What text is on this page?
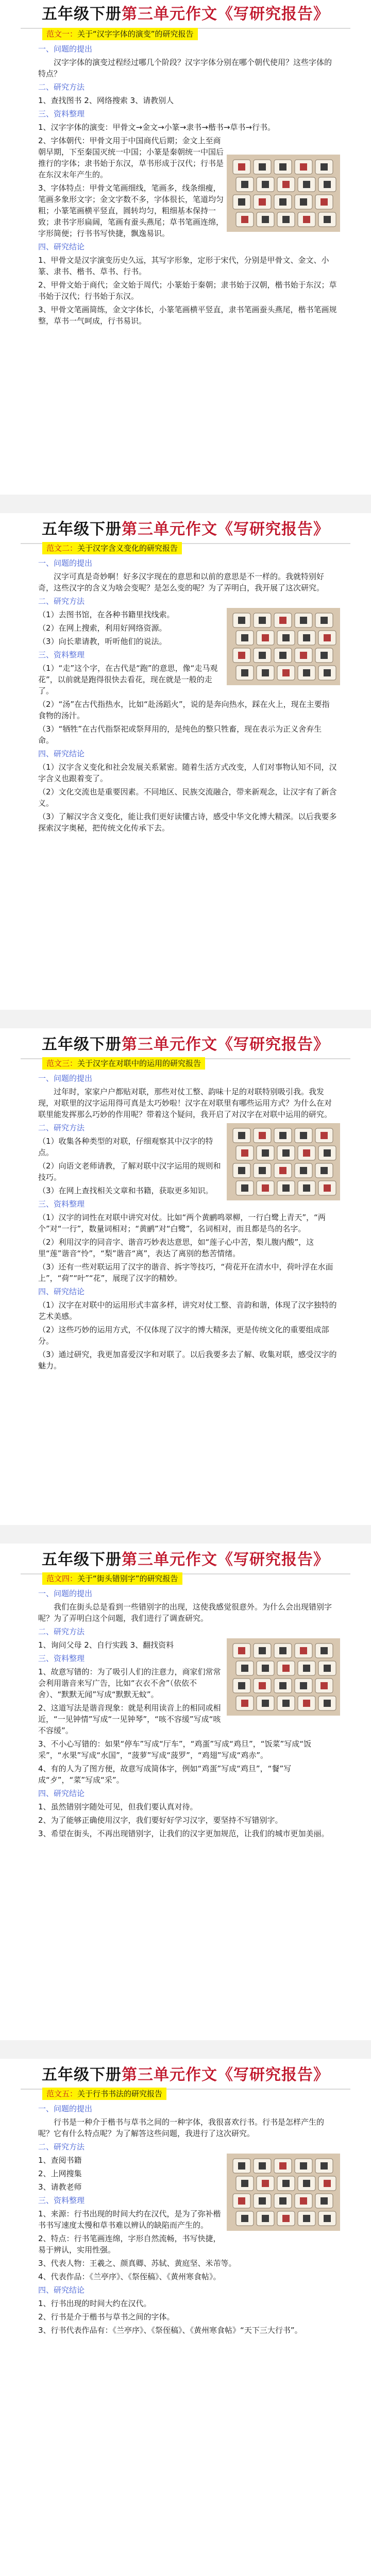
五年级下册第三单元作文《写研究报告》
范文一：关于“汉字字体的演变”的研究报告

一、问题的提出

汉字字体的演变过程经过哪几个阶段？汉字字体分别在哪个朝代使用？这些字体的特点？

二、研究方法

1、查找图书 2、网络搜索 3、请教别人

三、资料整理

1、汉字字体的演变：甲骨文→金文→小篆→隶书→楷书→草书→行书。

2、字体朝代：甲骨文用于中国商代后期；金文上至商朝早期，下至秦国灭统一中国；小篆是秦朝统一中国后推行的字体；隶书始于东汉，草书形成于汉代；行书是在东汉末年产生的。

3、字体特点：甲骨文笔画细线，笔画多，线条细瘦，笔画多象形文字；金文字数不多，字体很长，笔道均匀粗；小篆笔画横平竖直，圆转均匀，粗细基本保持一致；隶书字形扁阔，笔画有蚕头燕尾；草书笔画连绵，字形简便；行书书写快捷，飘逸易识。

四、研究结论

1、甲骨文是汉字演变历史久远，其写字形象，定形于宋代，分别是甲骨文、金文、小篆、隶书、楷书、草书、行书。

2、甲骨文始于商代；金文始于周代；小篆始于秦朝；隶书始于汉朝，楷书始于东汉；草书始于汉代；行书始于东汉。

3、甲骨文笔画简练，金文字体长，小篆笔画横平竖直，隶书笔画蚕头燕尾，楷书笔画规整，草书一气呵成，行书易识。

五年级下册第三单元作文《写研究报告》
范文二：关于汉字含义变化的研究报告

一、问题的提出

汉字可真是奇妙啊！好多汉字现在的意思和以前的意思是不一样的。我就特别好奇，这些汉字的含义为啥会变呢？是怎么变的呢？为了弄明白，我开展了这次研究。

二、研究方法

（1）去图书馆，在各种书籍里找线索。

（2）在网上搜索，利用好网络资源。

（3）向长辈请教，听听他们的说法。

三、资料整理

（1）“走”这个字，在古代是“跑”的意思，像“走马观花”，以前就是跑得很快去看花，现在就是一般的走了。

（2）“汤”在古代指热水，比如“赴汤蹈火”，说的是奔向热水，踩在火上，现在主要指食物的汤汁。

（3）“牺牲”在古代指祭祀或祭拜用的，是纯色的整只牲畜，现在表示为正义舍弃生命。

四、研究结论

（1）汉字含义变化和社会发展关系紧密。随着生活方式改变，人们对事物认知不同，汉字含义也跟着变了。

（2）文化交流也是重要因素。不同地区、民族交流融合，带来新观念，让汉字有了新含义。

（3）了解汉字含义变化，能让我们更好读懂古诗，感受中华文化博大精深。以后我要多探索汉字奥秘，把传统文化传承下去。

五年级下册第三单元作文《写研究报告》
范文三：关于汉字在对联中的运用的研究报告

一、问题的提出

过年时，家家户户都贴对联，那些对仗工整、韵味十足的对联特别吸引我。我发现，对联里的汉字运用得可真是太巧妙啦！汉字在对联里有哪些运用方式？为什么在对联里能发挥那么巧妙的作用呢？带着这个疑问，我开启了对汉字在对联中运用的研究。

二、研究方法

（1）收集各种类型的对联，仔细观察其中汉字的特点。

（2）向语文老师请教，了解对联中汉字运用的规则和技巧。

（3）在网上查找相关文章和书籍，获取更多知识。

三、资料整理

（1）汉字的词性在对联中讲究对仗。比如“两个黄鹂鸣翠柳，一行白鹭上青天”，“两个”对“一行”，数量词相对；“黄鹂”对“白鹭”，名词相对，而且都是鸟的名字。

（2）利用汉字的同音字、谐音巧妙表达意思，如“莲子心中苦，梨儿腹内酸”，这里“莲”谐音“怜”，“梨”谐音“离”，表达了离别的愁苦情绪。

（3）还有一些对联运用了汉字的谐音、拆字等技巧，“荷花开在清水中，荷叶浮在水面上”，“荷”“叶”“花”，展现了汉字的精妙。

四、研究结论

（1）汉字在对联中的运用形式丰富多样，讲究对仗工整、音韵和谐，体现了汉字独特的艺术美感。

（2）这些巧妙的运用方式，不仅体现了汉字的博大精深，更是传统文化的重要组成部分。

（3）通过研究，我更加喜爱汉字和对联了。以后我要多去了解、收集对联，感受汉字的魅力。

五年级下册第三单元作文《写研究报告》
范文四：关于“街头错别字”的研究报告

一、问题的提出

我们在街头总是看到一些错别字的出现，这使我感觉很意外。为什么会出现错别字呢？为了弄明白这个问题，我们进行了调查研究。

二、研究方法

1、询问父母 2、自行实践 3、翻找资料

三、资料整理

1、故意写错的：为了吸引人们的注意力，商家们常常会利用谐音来写广告，比如“衣衣不舍”（依依不舍）、“默默无闻”写成“默默无蚊”。

2、这道写法是谐音现象：就是利用读音上的相同或相近，“一见钟情”写成“一见钟琴”，“咳不容缓”写成“咳不容缓”。

3、不小心写错的：如果“停车”写成“厅车”，“鸡蛋”写成“鸡旦”，“饭菜”写成“饭采”，“水果”写成“水国”，“菠萝”写成“菠罗”，“鸡翅”写成“鸡赤”。

4、有的人为了图方便，故意写成简体字，例如“鸡蛋”写成“鸡旦”，“餐”写成“歺”，“菜”写成“采”。

四、研究结论

1、虽然错别字随处可见，但我们要认真对待。

2、为了能够正确使用汉字，我们要好好学习汉字，要坚持不写错别字。

3、希望在街头，不再出现错别字，让我们的汉字更加规范，让我们的城市更加美丽。

五年级下册第三单元作文《写研究报告》
范文五：关于行书书法的研究报告

一、问题的提出

行书是一种介于楷书与草书之间的一种字体，我很喜欢行书。行书是怎样产生的呢？它有什么特点呢？为了解答这些问题，我进行了这次研究。

二、研究方法

1、查阅书籍

2、上网搜集

3、请教老师

三、资料整理

1、来源：行书出现的时间大约在汉代，是为了弥补楷书书写速度太慢和草书难以辨认的缺陷而产生的。

2、特点：行书笔画连绵，字形自然流畅，书写快捷，易于辨认，实用性强。

3、代表人物：王羲之、颜真卿、苏轼、黄庭坚、米芾等。

4、代表作品：《兰亭序》、《祭侄稿》、《黄州寒食帖》。

四、研究结论

1、行书出现的时间大约在汉代。

2、行书是介于楷书与草书之间的字体。

3、行书代表作品有：《兰亭序》、《祭侄稿》、《黄州寒食帖》“天下三大行书”。
